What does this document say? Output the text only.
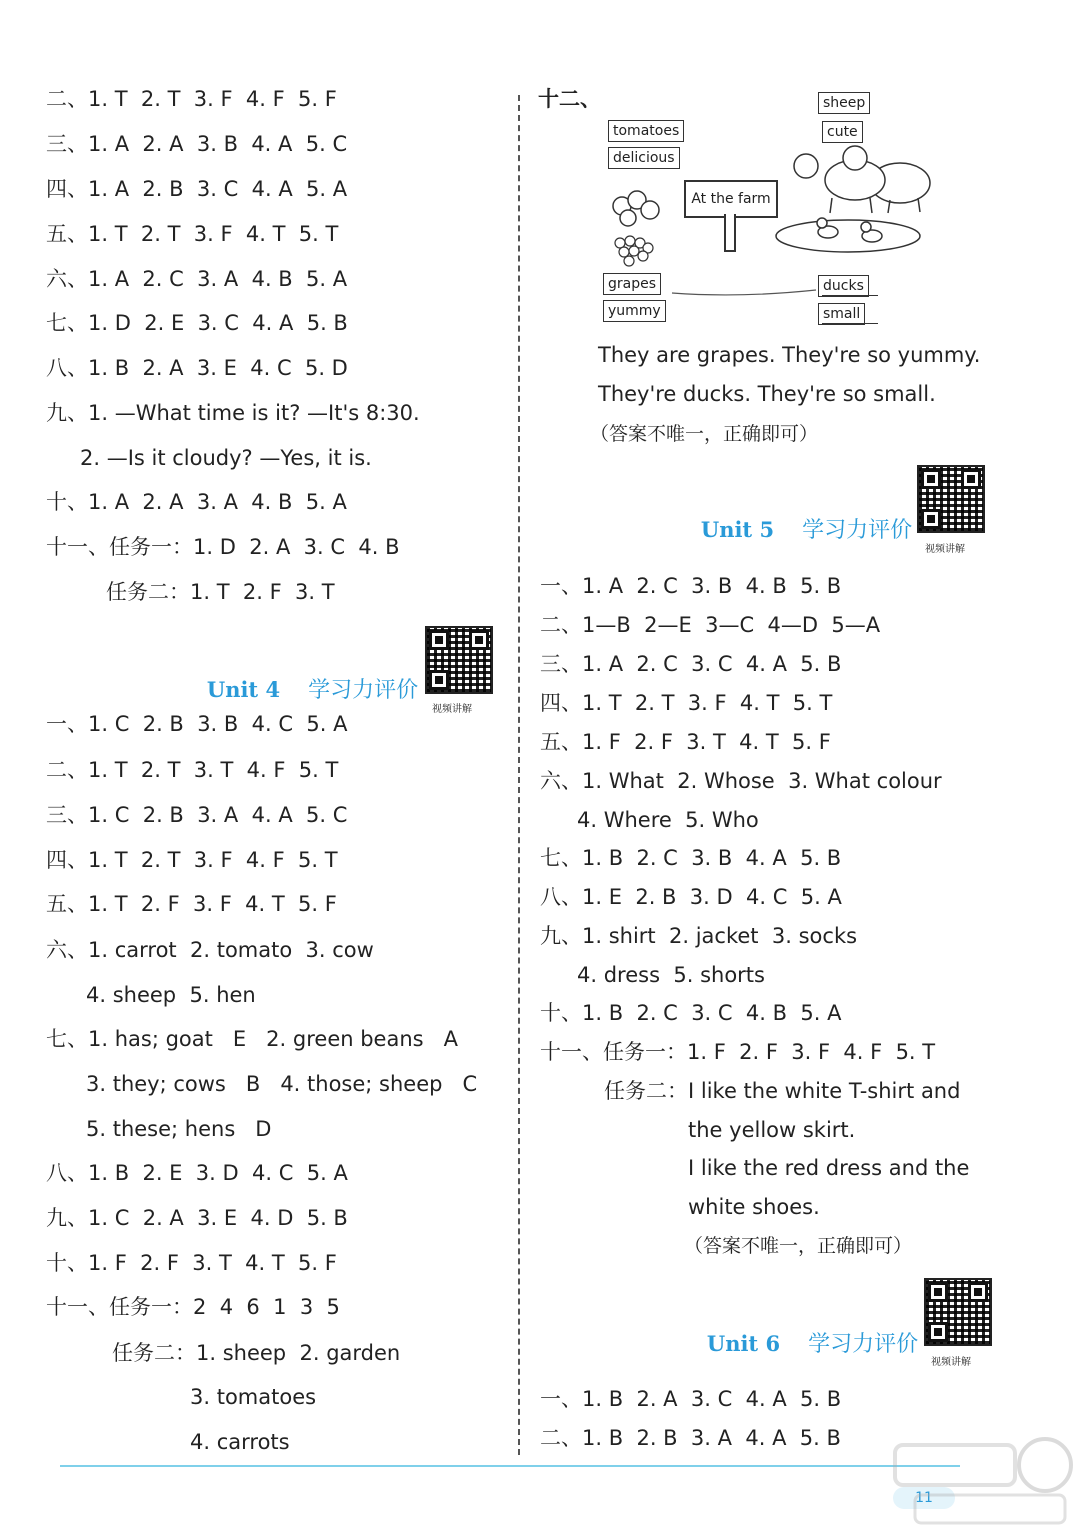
二、1. T  2. T  3. F  4. F  5. F
三、1. A  2. A  3. B  4. A  5. C
四、1. A  2. B  3. C  4. A  5. A
五、1. T  2. T  3. F  4. T  5. T
六、1. A  2. C  3. A  4. B  5. A
七、1. D  2. E  3. C  4. A  5. B
八、1. B  2. A  3. E  4. C  5. D
九、1. —What time is it? —It's 8:30.
2. —Is it cloudy? —Yes, it is.
十、1. A  2. A  3. A  4. B  5. A
十一、任务一：1. D  2. A  3. C  4. B
任务二：1. T  2. F  3. T

Unit 4 学习力评价

视频讲解
一、1. C  2. B  3. B  4. C  5. A
二、1. T  2. T  3. T  4. F  5. T
三、1. C  2. B  3. A  4. A  5. C
四、1. T  2. T  3. F  4. F  5. T
五、1. T  2. F  3. F  4. T  5. F
六、1. carrot  2. tomato  3. cow
4. sheep  5. hen
七、1. has; goat   E   2. green beans   A
3. they; cows   B   4. those; sheep   C
5. these; hens   D
八、1. B  2. E  3. D  4. C  5. A
九、1. C  2. A  3. E  4. D  5. B
十、1. F  2. F  3. T  4. T  5. F
十一、任务一：2  4  6  1  3  5
任务二：1. sheep  2. garden
3. tomatoes
4. carrots
十二、	sheep
cute
tomatoes
delicious
grapes
yummy
ducks
small
At the farm
They are grapes. They're so yummy.
They're ducks. They're so small.
（答案不唯一，正确即可）

Unit 5 学习力评价

视频讲解
一、1. A  2. C  3. B  4. B  5. B
二、1—B  2—E  3—C  4—D  5—A
三、1. A  2. C  3. C  4. A  5. B
四、1. T  2. T  3. F  4. T  5. T
五、1. F  2. F  3. T  4. T  5. F
六、1. What  2. Whose  3. What colour
4. Where  5. Who
七、1. B  2. C  3. B  4. A  5. B
八、1. E  2. B  3. D  4. C  5. A
九、1. shirt  2. jacket  3. socks
4. dress  5. shorts
十、1. B  2. C  3. C  4. B  5. A
十一、任务一：1. F  2. F  3. F  4. F  5. T
任务二：I like the white T-shirt and
the yellow skirt.
I like the red dress and the
white shoes.
（答案不唯一，正确即可）

Unit 6 学习力评价

视频讲解
一、1. B  2. A  3. C  4. A  5. B
二、1. B  2. B  3. A  4. A  5. B
11
